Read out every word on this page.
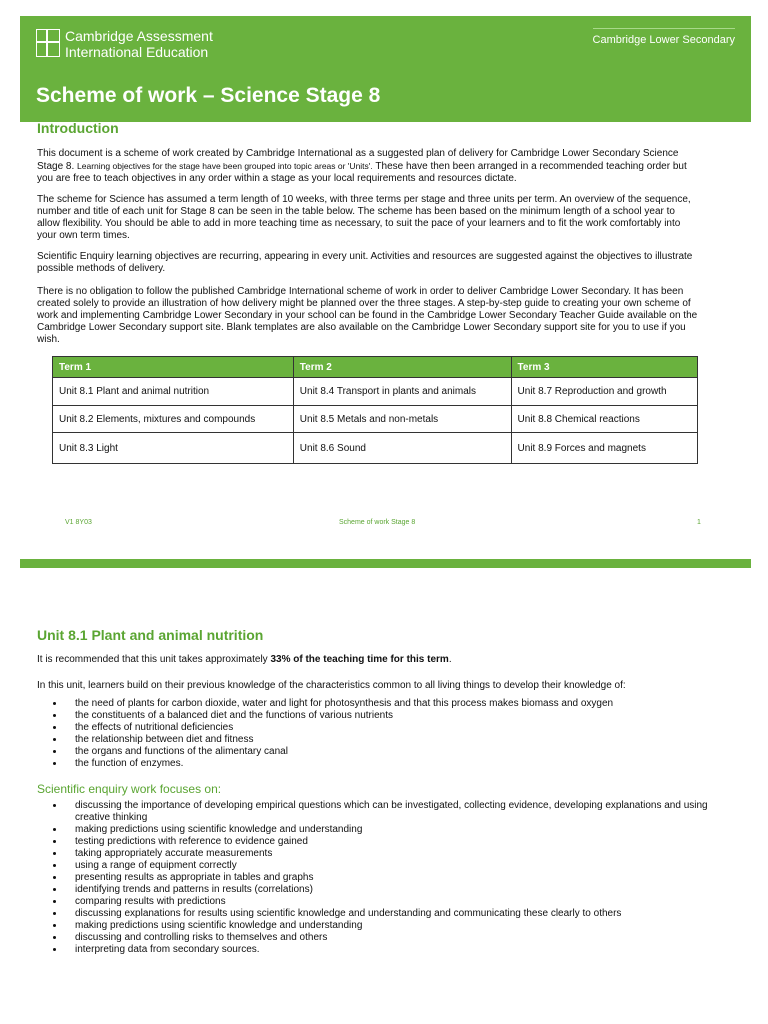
Cambridge Assessment
International Education
Cambridge Lower Secondary
Scheme of work – Science Stage 8
Introduction

This document is a scheme of work created by Cambridge International as a suggested plan of delivery for Cambridge Lower Secondary Science Stage 8. Learning objectives for the stage have been grouped into topic areas or 'Units'. These have then been arranged in a recommended teaching order but you are free to teach objectives in any order within a stage as your local requirements and resources dictate.

The scheme for Science has assumed a term length of 10 weeks, with three terms per stage and three units per term. An overview of the sequence, number and title of each unit for Stage 8 can be seen in the table below. The scheme has been based on the minimum length of a school year to allow flexibility. You should be able to add in more teaching time as necessary, to suit the pace of your learners and to fit the work comfortably into your own term times.

Scientific Enquiry learning objectives are recurring, appearing in every unit. Activities and resources are suggested against the objectives to illustrate possible methods of delivery.

There is no obligation to follow the published Cambridge International scheme of work in order to deliver Cambridge Lower Secondary. It has been created solely to provide an illustration of how delivery might be planned over the three stages. A step-by-step guide to creating your own scheme of work and implementing Cambridge Lower Secondary in your school can be found in the Cambridge Lower Secondary Teacher Guide available on the Cambridge Lower Secondary support site. Blank templates are also available on the Cambridge Lower Secondary support site for you to use if you wish.

Term 1	Term 2	Term 3
Unit 8.1 Plant and animal nutrition	Unit 8.4 Transport in plants and animals	Unit 8.7 Reproduction and growth
Unit 8.2 Elements, mixtures and compounds	Unit 8.5 Metals and non-metals	Unit 8.8 Chemical reactions
Unit 8.3 Light	Unit 8.6 Sound	Unit 8.9 Forces and magnets
V1 8Y03	Scheme of work Stage 8	1
Unit 8.1 Plant and animal nutrition

It is recommended that this unit takes approximately 33% of the teaching time for this term.

In this unit, learners build on their previous knowledge of the characteristics common to all living things to develop their knowledge of:

• the need of plants for carbon dioxide, water and light for photosynthesis and that this process makes biomass and oxygen
• the constituents of a balanced diet and the functions of various nutrients
• the effects of nutritional deficiencies
• the relationship between diet and fitness
• the organs and functions of the alimentary canal
• the function of enzymes.
Scientific enquiry work focuses on:
• discussing the importance of developing empirical questions which can be investigated, collecting evidence, developing explanations and using creative thinking
• making predictions using scientific knowledge and understanding
• testing predictions with reference to evidence gained
• taking appropriately accurate measurements
• using a range of equipment correctly
• presenting results as appropriate in tables and graphs
• identifying trends and patterns in results (correlations)
• comparing results with predictions
• discussing explanations for results using scientific knowledge and understanding and communicating these clearly to others
• making predictions using scientific knowledge and understanding
• discussing and controlling risks to themselves and others
• interpreting data from secondary sources.
